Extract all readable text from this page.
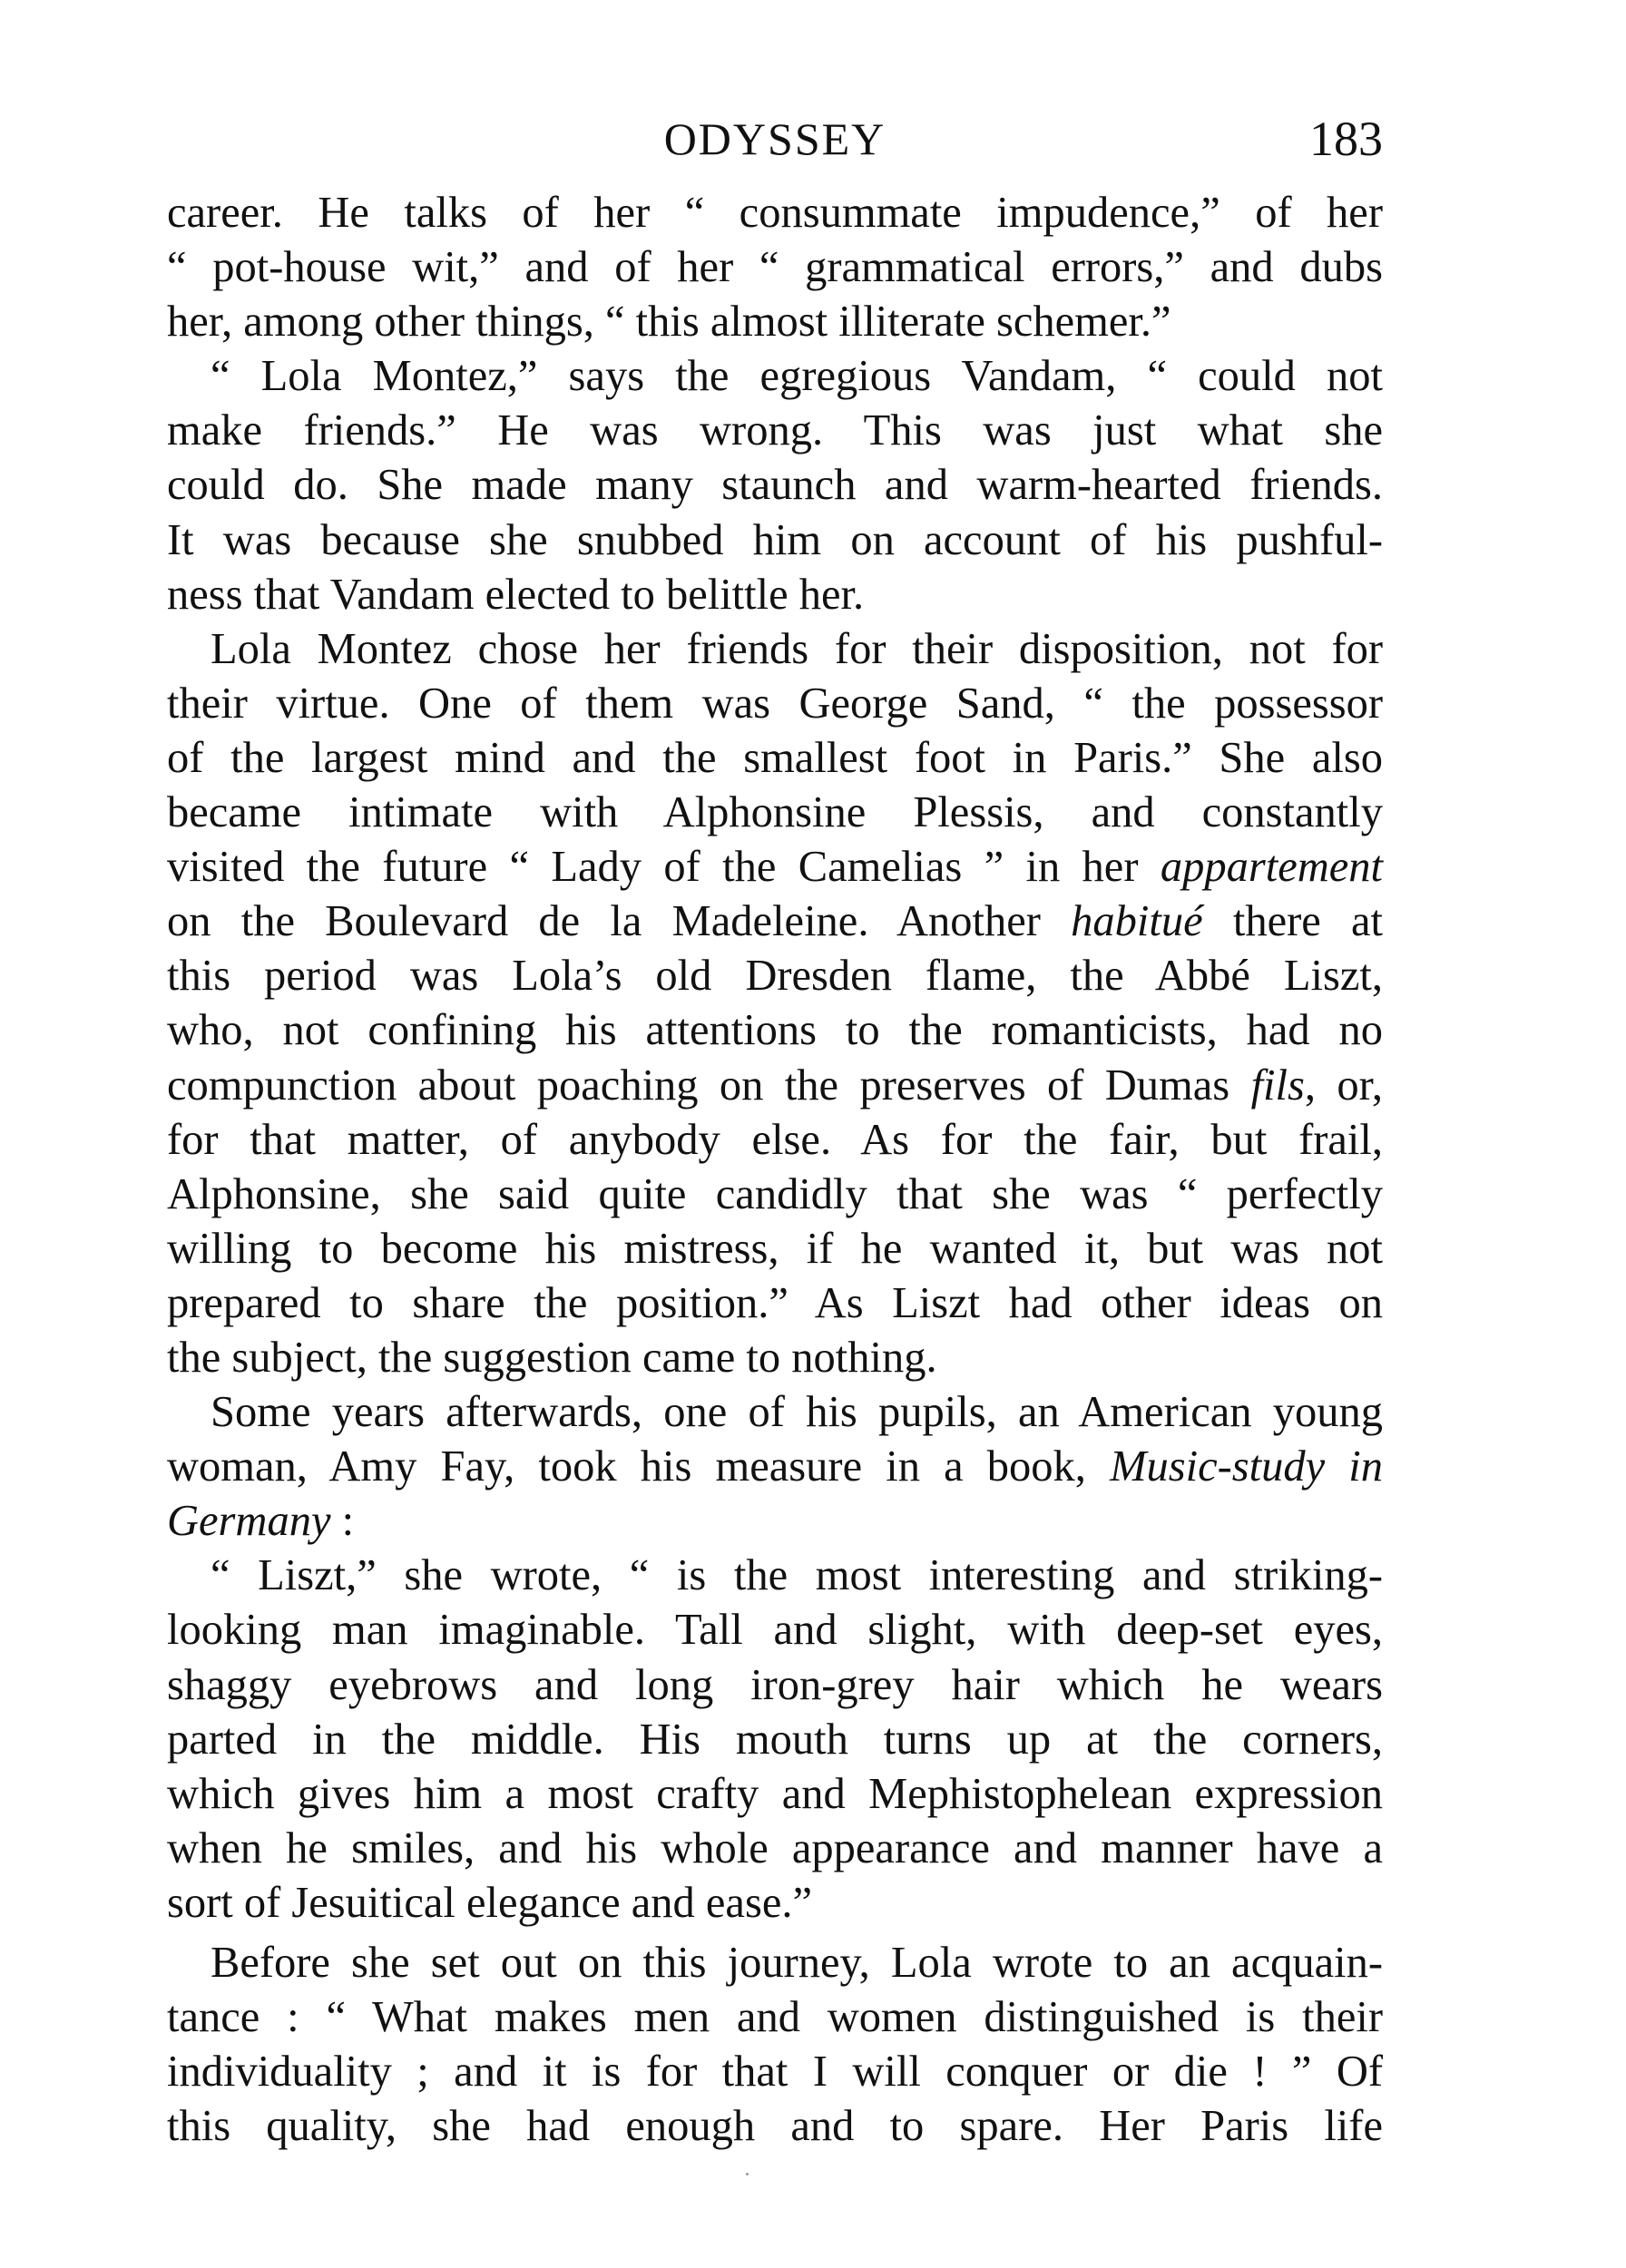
ODYSSEY	183
career. He talks of her “ consummate impudence,” of her
“ pot-house wit,” and of her “ grammatical errors,” and dubs
her, among other things, “ this almost illiterate schemer.”
“ Lola Montez,” says the egregious Vandam, “ could not
make friends.” He was wrong. This was just what she
could do. She made many staunch and warm-hearted friends.
It was because she snubbed him on account of his pushful-
ness that Vandam elected to belittle her.
Lola Montez chose her friends for their disposition, not for
their virtue. One of them was George Sand, “ the possessor
of the largest mind and the smallest foot in Paris.” She also
became intimate with Alphonsine Plessis, and constantly
visited the future “ Lady of the Camelias ” in her appartement
on the Boulevard de la Madeleine. Another habitué there at
this period was Lola’s old Dresden flame, the Abbé Liszt,
who, not confining his attentions to the romanticists, had no
compunction about poaching on the preserves of Dumas fils, or,
for that matter, of anybody else. As for the fair, but frail,
Alphonsine, she said quite candidly that she was “ perfectly
willing to become his mistress, if he wanted it, but was not
prepared to share the position.” As Liszt had other ideas on
the subject, the suggestion came to nothing.
Some years afterwards, one of his pupils, an American young
woman, Amy Fay, took his measure in a book, Music-study in
Germany :
“ Liszt,” she wrote, “ is the most interesting and striking-
looking man imaginable. Tall and slight, with deep-set eyes,
shaggy eyebrows and long iron-grey hair which he wears
parted in the middle. His mouth turns up at the corners,
which gives him a most crafty and Mephistophelean expression
when he smiles, and his whole appearance and manner have a
sort of Jesuitical elegance and ease.”
Before she set out on this journey, Lola wrote to an acquain-
tance : “ What makes men and women distinguished is their
individuality ; and it is for that I will conquer or die ! ” Of
this quality, she had enough and to spare. Her Paris life
